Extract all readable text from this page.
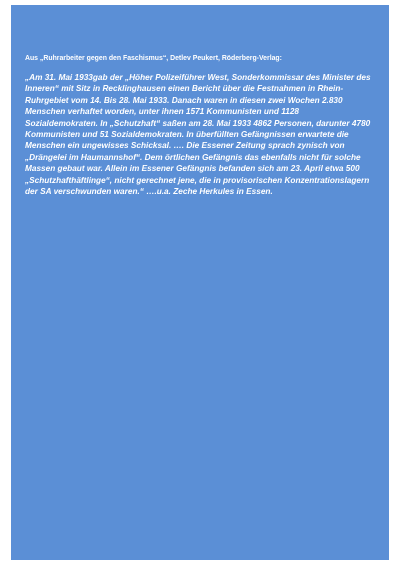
Aus „Ruhrarbeiter gegen den Faschismus“, Detlev Peukert, Röderberg-Verlag:

„Am 31. Mai 1933gab der „Höher Polizeiführer West, Sonderkommissar des Minister des Inneren“ mit Sitz in Recklinghausen einen Bericht über die Festnahmen in Rhein-Ruhrgebiet vom 14. Bis 28. Mai 1933. Danach waren in diesen zwei Wochen 2.830 Menschen verhaftet worden, unter ihnen 1571 Kommunisten und 1128 Sozialdemokraten. In „Schutzhaft“ saßen am 28. Mai 1933 4862 Personen, darunter 4780 Kommunisten und 51 Sozialdemokraten. In überfüllten Gefängnissen erwartete die Menschen ein ungewisses Schicksal. …. Die Essener Zeitung sprach zynisch von „Drängelei im Haumannshof“. Dem örtlichen Gefängnis das ebenfalls nicht für solche Massen gebaut war. Allein im Essener Gefängnis befanden sich am 23. April etwa 500 „Schutzhafthäftlinge“, nicht gerechnet jene, die in provisorischen Konzentrationslagern der SA verschwunden waren.“ ….u.a. Zeche Herkules in Essen.
